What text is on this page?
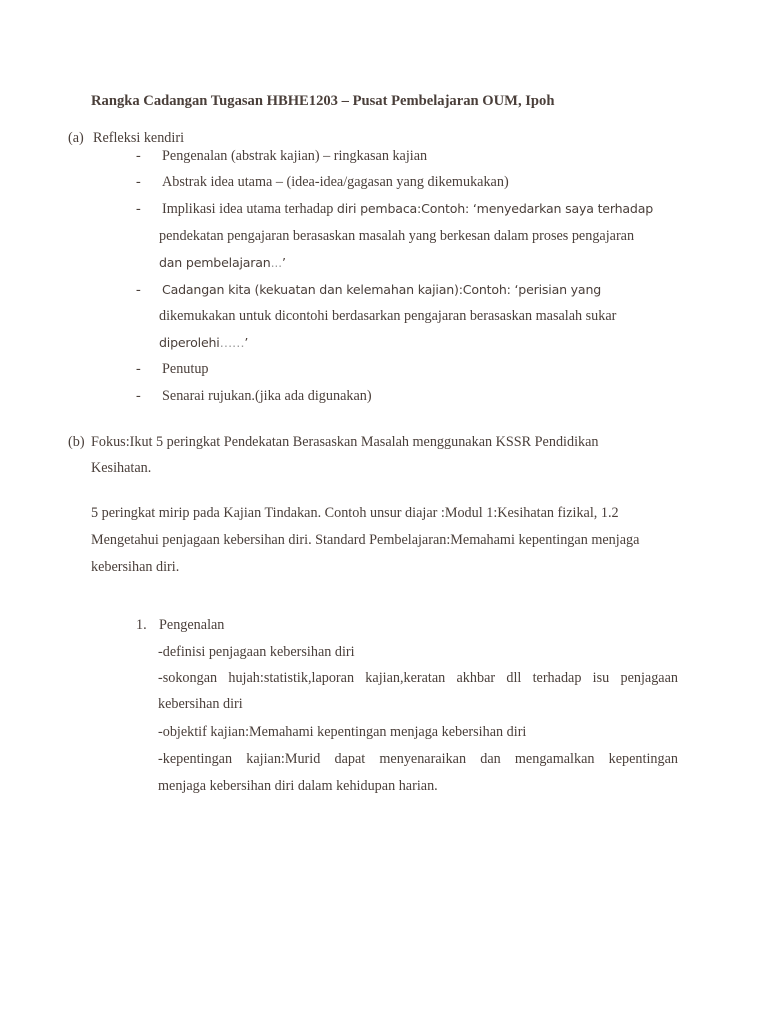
Rangka Cadangan Tugasan HBHE1203 – Pusat Pembelajaran OUM, Ipoh
(a) Refleksi kendiri
- Pengenalan (abstrak kajian) – ringkasan kajian
- Abstrak idea utama – (idea-idea/gagasan yang dikemukakan)
- Implikasi idea utama terhadap diri pembaca:Contoh: ‘menyedarkan saya terhadap
pendekatan pengajaran berasaskan masalah yang berkesan dalam proses pengajaran
dan pembelajaran...’
- Cadangan kita (kekuatan dan kelemahan kajian):Contoh: ‘perisian yang
dikemukakan untuk dicontohi berdasarkan pengajaran berasaskan masalah sukar
diperolehi……’
- Penutup
- Senarai rujukan.(jika ada digunakan)
(b) Fokus:Ikut 5 peringkat Pendekatan Berasaskan Masalah menggunakan KSSR Pendidikan
Kesihatan.
5 peringkat mirip pada Kajian Tindakan. Contoh unsur diajar :Modul 1:Kesihatan fizikal, 1.2
Mengetahui penjagaan kebersihan diri. Standard Pembelajaran:Memahami kepentingan menjaga
kebersihan diri.
1. Pengenalan
-definisi penjagaan kebersihan diri
-sokongan hujah:statistik,laporan kajian,keratan akhbar dll terhadap isu penjagaan
kebersihan diri
-objektif kajian:Memahami kepentingan menjaga kebersihan diri
-kepentingan kajian:Murid dapat menyenaraikan dan mengamalkan kepentingan
menjaga kebersihan diri dalam kehidupan harian.
